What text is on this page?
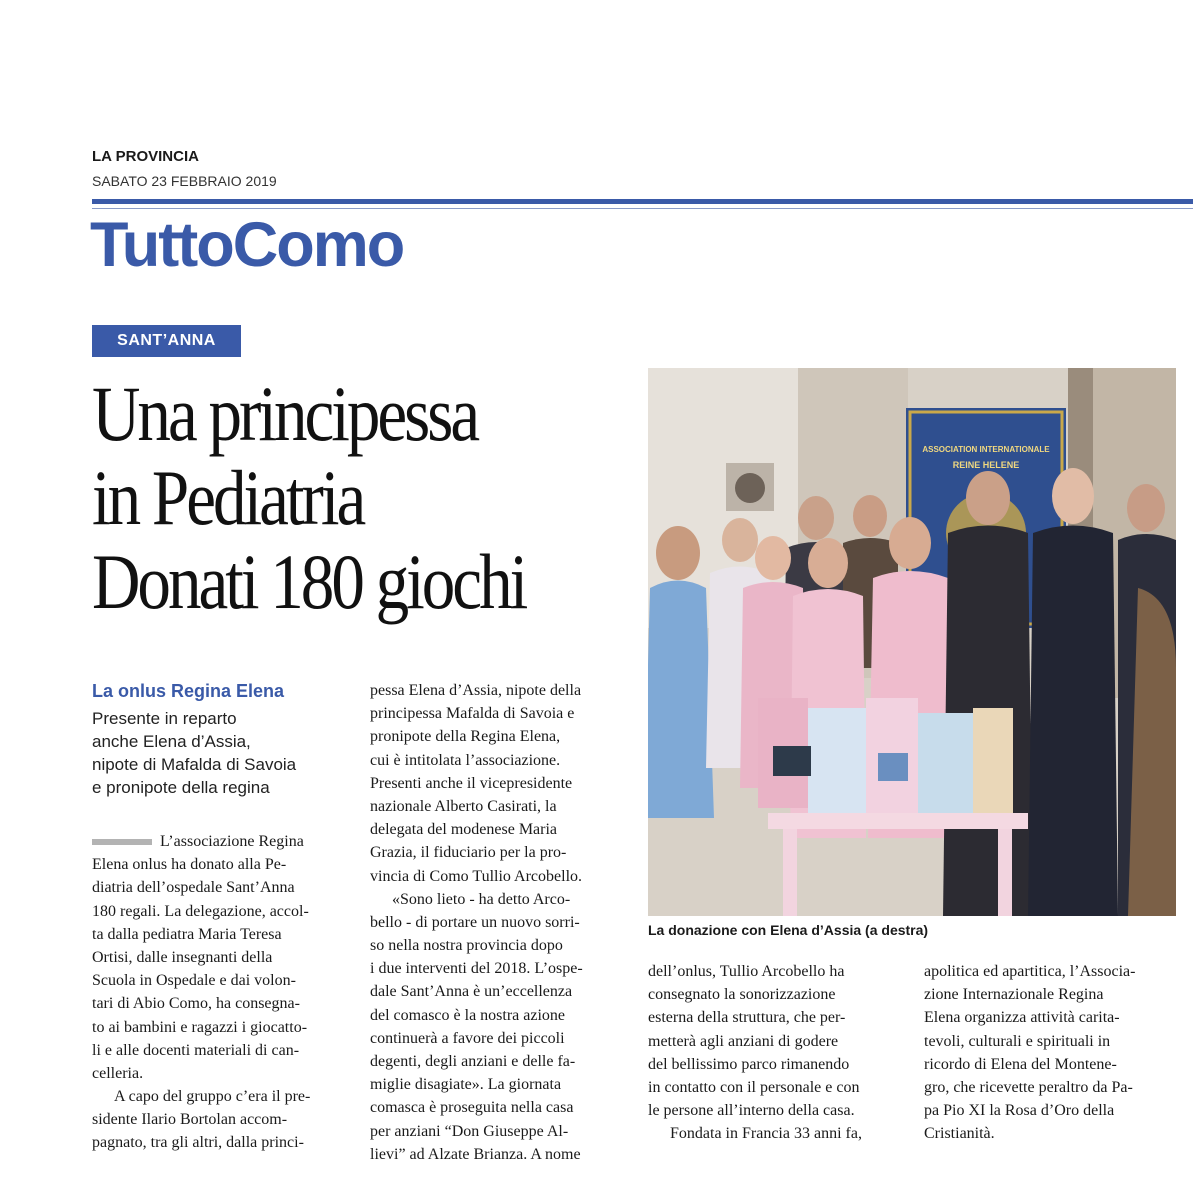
LA PROVINCIA
SABATO 23 FEBBRAIO 2019
TuttoComo
SANT’ANNA
Una principessa
in Pediatria
Donati 180 giochi
ASSOCIATION INTERNATIONALE
REINE HELENE
La donazione con Elena d’Assia (a destra)
La onlus Regina Elena
Presente in reparto
anche Elena d’Assia,
nipote di Mafalda di Savoia
e pronipote della regina
L’associazione Regina
Elena onlus ha donato alla Pe-
diatria dell’ospedale Sant’Anna
180 regali. La delegazione, accol-
ta dalla pediatra Maria Teresa
Ortisi, dalle insegnanti della
Scuola in Ospedale e dai volon-
tari di Abio Como, ha consegna-
to ai bambini e ragazzi i giocatto-
li e alle docenti materiali di can-
celleria.
A capo del gruppo c’era il pre-
sidente Ilario Bortolan accom-
pagnato, tra gli altri, dalla princi-
pessa Elena d’Assia, nipote della
principessa Mafalda di Savoia e
pronipote della Regina Elena,
cui è intitolata l’associazione.
Presenti anche il vicepresidente
nazionale Alberto Casirati, la
delegata del modenese Maria
Grazia, il fiduciario per la pro-
vincia di Como Tullio Arcobello.
«Sono lieto - ha detto Arco-
bello - di portare un nuovo sorri-
so nella nostra provincia dopo
i due interventi del 2018. L’ospe-
dale Sant’Anna è un’eccellenza
del comasco è la nostra azione
continuerà a favore dei piccoli
degenti, degli anziani e delle fa-
miglie disagiate». La giornata
comasca è proseguita nella casa
per anziani “Don Giuseppe Al-
lievi” ad Alzate Brianza. A nome
dell’onlus, Tullio Arcobello ha
consegnato la sonorizzazione
esterna della struttura, che per-
metterà agli anziani di godere
del bellissimo parco rimanendo
in contatto con il personale e con
le persone all’interno della casa.
Fondata in Francia 33 anni fa,
apolitica ed apartitica, l’Associa-
zione Internazionale Regina
Elena organizza attività carita-
tevoli, culturali e spirituali in
ricordo di Elena del Montene-
gro, che ricevette peraltro da Pa-
pa Pio XI la Rosa d’Oro della
Cristianità.
